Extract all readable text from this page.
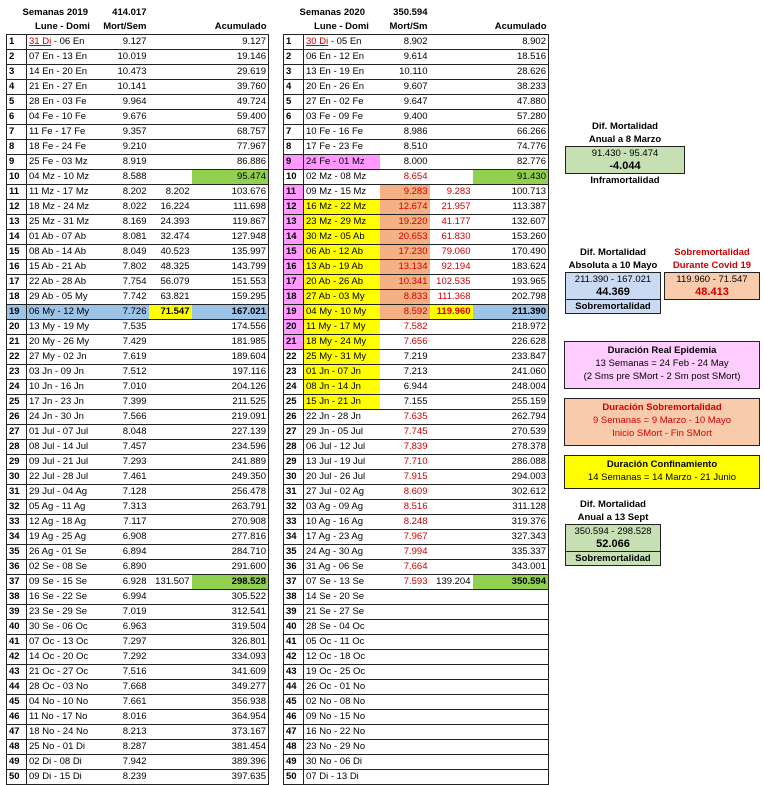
Semanas 2019		414.017		
	Lune - Domi	Mort/Sem		Acumulado
1	31 Di - 06 En	9.127		9.127
2	07 En - 13 En	10.019		19.146
3	14 En - 20 En	10.473		29.619
4	21 En - 27 En	10.141		39.760
5	28 En - 03 Fe	9.964		49.724
6	04 Fe - 10 Fe	9.676		59.400
7	11 Fe - 17 Fe	9.357		68.757
8	18 Fe - 24 Fe	9.210		77.967
9	25 Fe - 03 Mz	8.919		86.886
10	04 Mz - 10 Mz	8.588		95.474
11	11 Mz - 17 Mz	8.202	8.202	103.676
12	18 Mz - 24 Mz	8.022	16.224	111.698
13	25 Mz - 31 Mz	8.169	24.393	119.867
14	01 Ab - 07 Ab	8.081	32.474	127.948
15	08 Ab - 14 Ab	8.049	40.523	135.997
16	15 Ab - 21 Ab	7.802	48.325	143.799
17	22 Ab - 28 Ab	7.754	56.079	151.553
18	29 Ab - 05 My	7.742	63.821	159.295
19	06 My - 12 My	7.726	71.547	167.021
20	13 My - 19 My	7.535		174.556
21	20 My - 26 My	7.429		181.985
22	27 My - 02 Jn	7.619		189.604
23	03 Jn - 09 Jn	7.512		197.116
24	10 Jn - 16 Jn	7.010		204.126
25	17 Jn - 23 Jn	7.399		211.525
26	24 Jn - 30 Jn	7.566		219.091
27	01 Jul - 07 Jul	8.048		227.139
28	08 Jul - 14 Jul	7.457		234.596
29	09 Jul - 21 Jul	7.293		241.889
30	22 Jul - 28 Jul	7.461		249.350
31	29 Jul - 04 Ag	7.128		256.478
32	05 Ag - 11 Ag	7.313		263.791
33	12 Ag - 18 Ag	7.117		270.908
34	19 Ag - 25 Ag	6.908		277.816
35	26 Ag - 01 Se	6.894		284.710
36	02 Se - 08 Se	6.890		291.600
37	09 Se - 15 Se	6.928	131.507	298.528
38	16 Se - 22 Se	6.994		305.522
39	23 Se - 29 Se	7.019		312.541
40	30 Se - 06 Oc	6.963		319.504
41	07 Oc - 13 Oc	7.297		326.801
42	14 Oc - 20 Oc	7.292		334.093
43	21 Oc - 27 Oc	7.516		341.609
44	28 Oc - 03 No	7.668		349.277
45	04 No - 10 No	7.661		356.938
46	11 No - 17 No	8.016		364.954
47	18 No - 24 No	8.213		373.167
48	25 No - 01 Di	8.287		381.454
49	02 Di - 08 Di	7.942		389.396
50	09 Di - 15 Di	8.239		397.635
Semanas 2020		350.594		
	Lune - Domi	Mort/Sm		Acumulado
1	30 Di - 05 En	8.902		8.902
2	06 En - 12 En	9.614		18.516
3	13 En - 19 En	10.110		28.626
4	20 En - 26 En	9.607		38.233
5	27 En - 02 Fe	9.647		47.880
6	03 Fe - 09 Fe	9.400		57.280
7	10 Fe - 16 Fe	8.986		66.266
8	17 Fe - 23 Fe	8.510		74.776
9	24 Fe - 01 Mz	8.000		82.776
10	02 Mz - 08 Mz	8.654		91.430
11	09 Mz - 15 Mz	9.283	9.283	100.713
12	16 Mz - 22 Mz	12.674	21.957	113.387
13	23 Mz - 29 Mz	19.220	41.177	132.607
14	30 Mz - 05 Ab	20.653	61.830	153.260
15	06 Ab - 12 Ab	17.230	79.060	170.490
16	13 Ab - 19 Ab	13.134	92.194	183.624
17	20 Ab - 26 Ab	10.341	102.535	193.965
18	27 Ab - 03 My	8.833	111.368	202.798
19	04 My - 10 My	8.592	119.960	211.390
20	11 My - 17 My	7.582		218.972
21	18 My - 24 My	7.656		226.628
22	25 My - 31 My	7.219		233.847
23	01 Jn - 07 Jn	7.213		241.060
24	08 Jn - 14 Jn	6.944		248.004
25	15 Jn - 21 Jn	7.155		255.159
26	22 Jn - 28 Jn	7.635		262.794
27	29 Jn - 05 Jul	7.745		270.539
28	06 Jul - 12 Jul	7.839		278.378
29	13 Jul - 19 Jul	7.710		286.088
30	20 Jul - 26 Jul	7.915		294.003
31	27 Jul - 02 Ag	8.609		302.612
32	03 Ag - 09 Ag	8.516		311.128
33	10 Ag - 16 Ag	8.248		319.376
34	17 Ag - 23 Ag	7.967		327.343
35	24 Ag - 30 Ag	7.994		335.337
36	31 Ag - 06 Se	7.664		343.001
37	07 Se - 13 Se	7.593	139.204	350.594
38	14 Se - 20 Se			
39	21 Se - 27 Se			
40	28 Se - 04 Oc			
41	05 Oc - 11 Oc			
42	12 Oc - 18 Oc			
43	19 Oc - 25 Oc			
44	26 Oc - 01 No			
45	02 No - 08 No			
46	09 No - 15 No			
47	16 No - 22 No			
48	23 No - 29 No			
49	30 No - 06 Di			
50	07 Di - 13 Di			
Dif. Mortalidad
Anual a 8 Marzo
91.430 - 95.474
-4.044
Inframortalidad
Dif. Mortalidad
Absoluta a 10 Mayo
211.390 - 167.021
44.369
Sobremortalidad
Sobremortalidad
Durante Covid 19
119.960 - 71.547
48.413
Duración Real Epidemia
13 Semanas = 24 Feb - 24 May
(2 Sms pre SMort - 2 Sm post SMort)
Duración Sobremortalidad
9 Semanas = 9 Marzo - 10 Mayo
Inicio SMort - Fin SMort
Duración Confinamiento
14 Semanas = 14 Marzo - 21 Junio
Dif. Mortalidad
Anual a 13 Sept
350.594 - 298.528
52.066
Sobremortalidad
